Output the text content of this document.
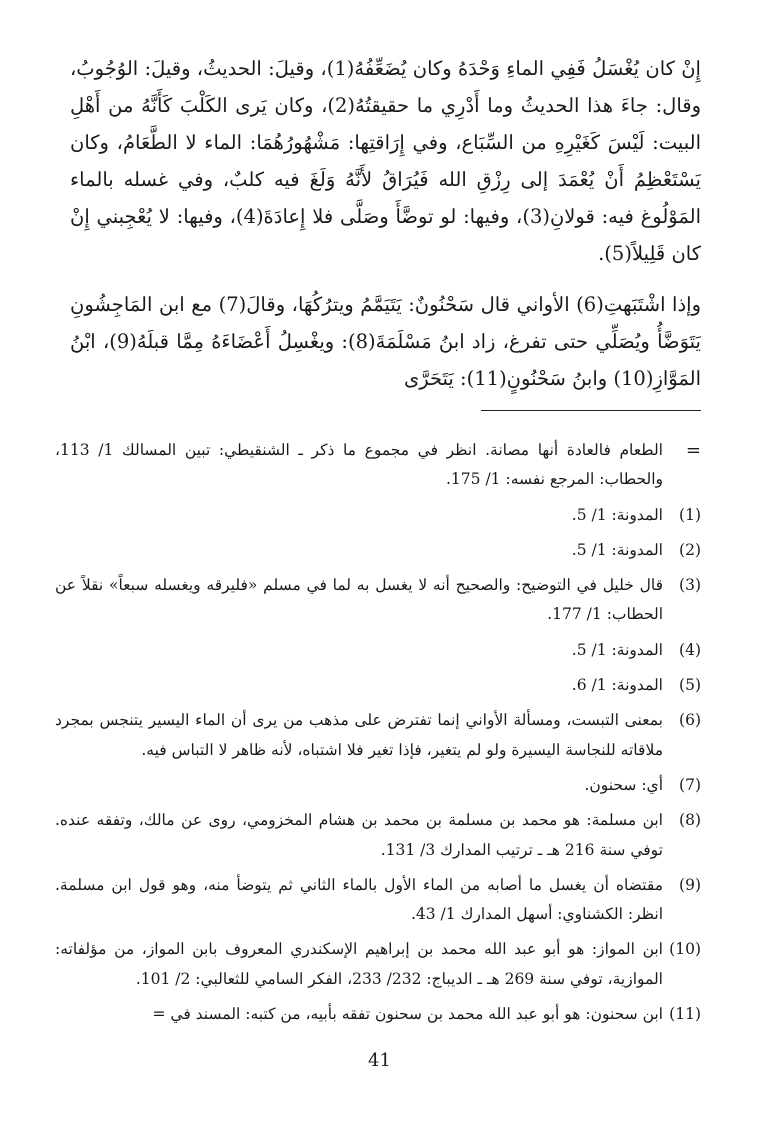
إِنْ كان يُغْسَلُ فَفِي الماءِ وَحْدَهُ وكان يُضَعِّفُهُ(1)، وقيلَ: الحديثُ، وقيلَ: الوُجُوبُ، وقال: جاءَ هذا الحديثُ وما أَدْرِي ما حقيقتُهُ(2)، وكان يَرى الكَلْبَ كَأَنَّهُ من أَهْلِ البيت: لَيْسَ كَغَيْرِهِ من السِّبَاع، وفي إِرَاقتِها: مَشْهُورُهُمَا: الماء لا الطَّعَامُ، وكان يَسْتَعْظِمُ أَنْ يُعْمَدَ إلى رِزْقِ الله فَيُرَاقُ لأَنَّهُ وَلَغَ فيه كلبٌ، وفي غسله بالماء المَوْلُوغ فيه: قولانِ(3)، وفيها: لو توضَّأَ وصَلَّى فلا إِعادَةَ(4)، وفيها: لا يُعْجِبني إِنْ كان قَلِيلاً(5).

وإذا اشْتَبَهتِ(6) الأواني قال سَحْنُونٌ: يَتَيَمَّمُ ويترُكُهَا، وقالَ(7) مع ابن المَاجِشُونِ يَتَوَضَّأُ ويُصَلِّي حتى تفرغ، زاد ابنُ مَسْلَمَةَ(8): ويغْسِلُ أَعْضَاءَهُ مِمَّا قبلَهُ(9)، ابْنُ المَوَّازِ(10) وابنُ سَحْنُونٍ(11): يَتَحَرَّى

=
الطعام فالعادة أنها مصانة. انظر في مجموع ما ذكر ـ الشنقيطي: تبين المسالك 1/ 113، والحطاب: المرجع نفسه: 1/ 175.
(1)
المدونة: 1/ 5.
(2)
المدونة: 1/ 5.
(3)
قال خليل في التوضيح: والصحيح أنه لا يغسل به لما في مسلم «فليرقه ويغسله سبعاً» نقلاً عن الحطاب: 1/ 177.
(4)
المدونة: 1/ 5.
(5)
المدونة: 1/ 6.
(6)
بمعنى التبست، ومسألة الأواني إنما تفترض على مذهب من يرى أن الماء اليسير يتنجس بمجرد ملاقاته للنجاسة اليسيرة ولو لم يتغير، فإذا تغير فلا اشتباه، لأنه ظاهر لا التباس فيه.
(7)
أي: سحنون.
(8)
ابن مسلمة: هو محمد بن مسلمة بن محمد بن هشام المخزومي، روى عن مالك، وتفقه عنده. توفي سنة 216 هـ ـ ترتيب المدارك 3/ 131.
(9)
مقتضاه أن يغسل ما أصابه من الماء الأول بالماء الثاني ثم يتوضأ منه، وهو قول ابن مسلمة. انظر: الكشناوي: أسهل المدارك 1/ 43.
(10)
ابن المواز: هو أبو عبد الله محمد بن إبراهيم الإسكندري المعروف بابن المواز، من مؤلفاته: الموازية، توفي سنة 269 هـ ـ الديباج: 232/ 233، الفكر السامي للثعالبي: 2/ 101.
(11)
ابن سحنون: هو أبو عبد الله محمد بن سحنون تفقه بأبيه، من كتبه: المسند في =
41
